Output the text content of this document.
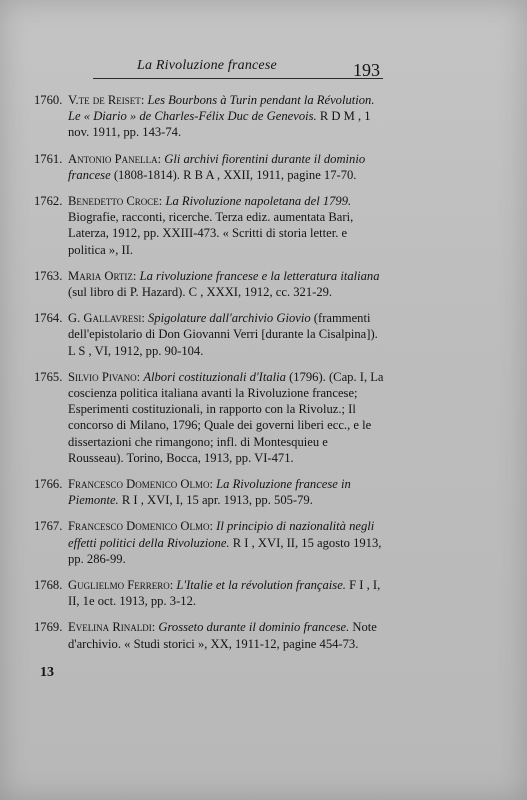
La Rivoluzione francese	193
1760. V.te de Reiset: Les Bourbons à Turin pendant la Révolution. Le « Diario » de Charles-Félix Duc de Genevois. R D M , 1 nov. 1911, pp. 143-74.
1761. Antonio Panella: Gli archivi fiorentini durante il dominio francese (1808-1814). R B A , XXII, 1911, pagine 17-70.
1762. Benedetto Croce: La Rivoluzione napoletana del 1799. Biografie, racconti, ricerche. Terza ediz. aumentata Bari, Laterza, 1912, pp. XXIII-473. « Scritti di storia letter. e politica », II.
1763. Maria Ortiz: La rivoluzione francese e la letteratura italiana (sul libro di P. Hazard). C , XXXI, 1912, cc. 321-29.
1764. G. Gallavresi: Spigolature dall'archivio Giovio (frammenti dell'epistolario di Don Giovanni Verri [durante la Cisalpina]). L S , VI, 1912, pp. 90-104.
1765. Silvio Pivano: Albori costituzionali d'Italia (1796). (Cap. I, La coscienza politica italiana avanti la Rivoluzione francese; Esperimenti costituzionali, in rapporto con la Rivoluz.; Il concorso di Milano, 1796; Quale dei governi liberi ecc., e le dissertazioni che rimangono; infl. di Montesquieu e Rousseau). Torino, Bocca, 1913, pp. VI-471.
1766. Francesco Domenico Olmo: La Rivoluzione francese in Piemonte. R I , XVI, I, 15 apr. 1913, pp. 505-79.
1767. Francesco Domenico Olmo: Il principio di nazionalità negli effetti politici della Rivoluzione. R I , XVI, II, 15 agosto 1913, pp. 286-99.
1768. Guglielmo Ferrero: L'Italie et la révolution française. F I , I, II, 1e oct. 1913, pp. 3-12.
1769. Evelina Rinaldi: Grosseto durante il dominio francese. Note d'archivio. « Studi storici », XX, 1911-12, pagine 454-73.
13
